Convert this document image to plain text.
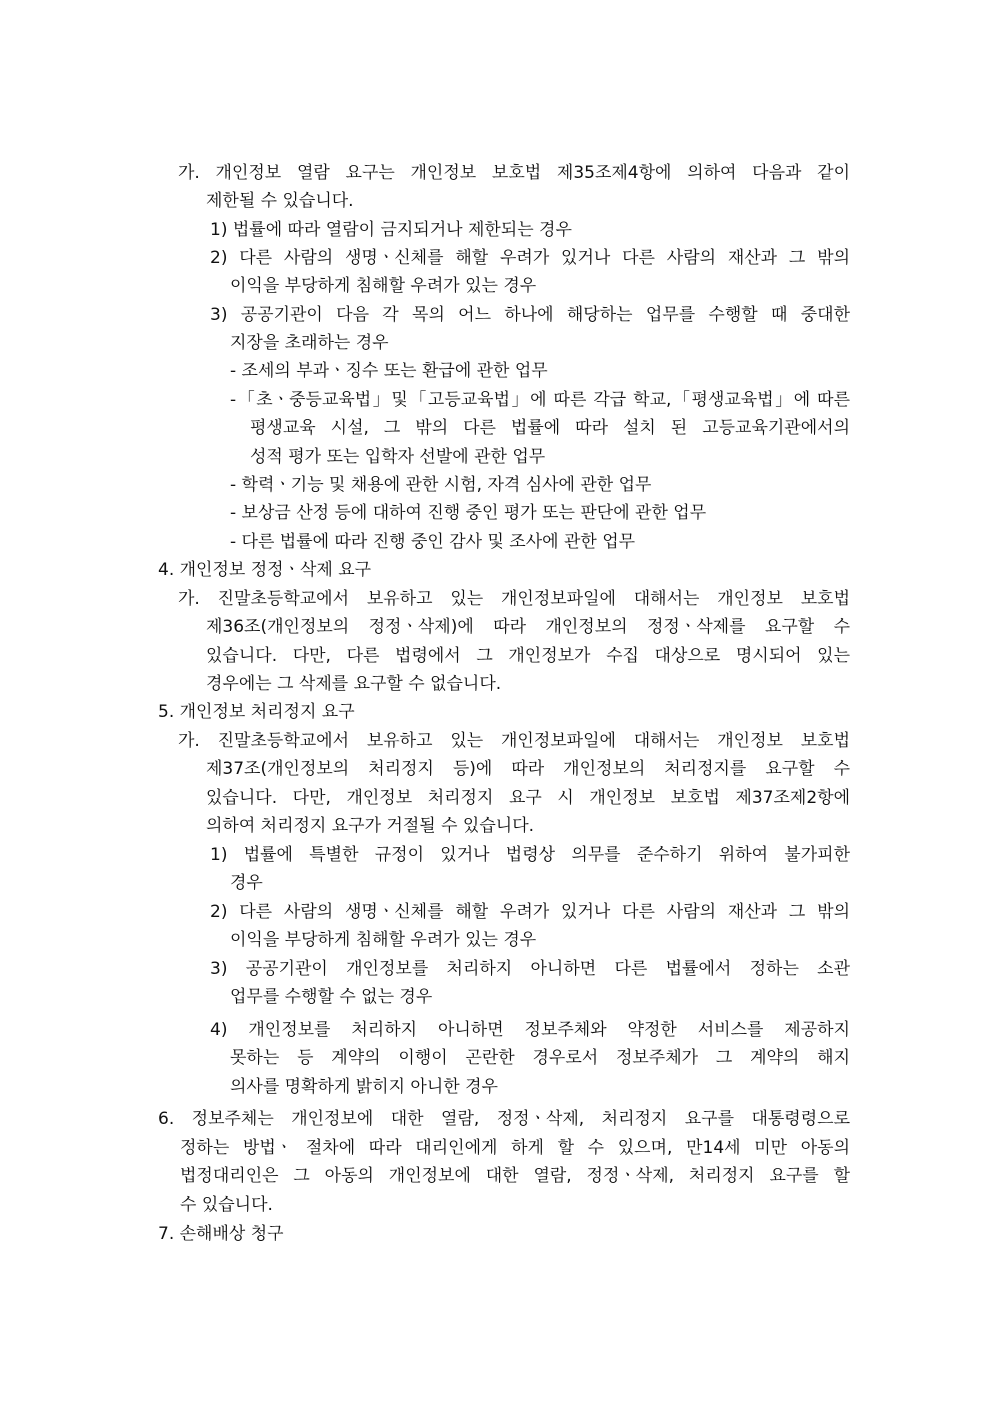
가. 개인정보 열람 요구는 개인정보 보호법 제35조제4항에 의하여 다음과 같이
제한될 수 있습니다.
1) 법률에 따라 열람이 금지되거나 제한되는 경우
2) 다른 사람의 생명ㆍ신체를 해할 우려가 있거나 다른 사람의 재산과 그 밖의
이익을 부당하게 침해할 우려가 있는 경우
3) 공공기관이 다음 각 목의 어느 하나에 해당하는 업무를 수행할 때 중대한
지장을 초래하는 경우
- 조세의 부과ㆍ징수 또는 환급에 관한 업무
-「초ㆍ중등교육법」및「고등교육법」에 따른 각급 학교,「평생교육법」에 따른
평생교육 시설, 그 밖의 다른 법률에 따라 설치 된 고등교육기관에서의
성적 평가 또는 입학자 선발에 관한 업무
- 학력ㆍ기능 및 채용에 관한 시험, 자격 심사에 관한 업무
- 보상금 산정 등에 대하여 진행 중인 평가 또는 판단에 관한 업무
- 다른 법률에 따라 진행 중인 감사 및 조사에 관한 업무
4. 개인정보 정정ㆍ삭제 요구
가. 진말초등학교에서 보유하고 있는 개인정보파일에 대해서는 개인정보 보호법
제36조(개인정보의 정정ㆍ삭제)에 따라 개인정보의 정정ㆍ삭제를 요구할 수
있습니다. 다만, 다른 법령에서 그 개인정보가 수집 대상으로 명시되어 있는
경우에는 그 삭제를 요구할 수 없습니다.
5. 개인정보 처리정지 요구
가. 진말초등학교에서 보유하고 있는 개인정보파일에 대해서는 개인정보 보호법
제37조(개인정보의 처리정지 등)에 따라 개인정보의 처리정지를 요구할 수
있습니다. 다만, 개인정보 처리정지 요구 시 개인정보 보호법 제37조제2항에
의하여 처리정지 요구가 거절될 수 있습니다.
1) 법률에 특별한 규정이 있거나 법령상 의무를 준수하기 위하여 불가피한
경우
2) 다른 사람의 생명ㆍ신체를 해할 우려가 있거나 다른 사람의 재산과 그 밖의
이익을 부당하게 침해할 우려가 있는 경우
3) 공공기관이 개인정보를 처리하지 아니하면 다른 법률에서 정하는 소관
업무를 수행할 수 없는 경우
4) 개인정보를 처리하지 아니하면 정보주체와 약정한 서비스를 제공하지
못하는 등 계약의 이행이 곤란한 경우로서 정보주체가 그 계약의 해지
의사를 명확하게 밝히지 아니한 경우
6. 정보주체는 개인정보에 대한 열람, 정정ㆍ삭제, 처리정지 요구를 대통령령으로
정하는 방법ㆍ 절차에 따라 대리인에게 하게 할 수 있으며, 만14세 미만 아동의
법정대리인은 그 아동의 개인정보에 대한 열람, 정정ㆍ삭제, 처리정지 요구를 할
수 있습니다.
7. 손해배상 청구
